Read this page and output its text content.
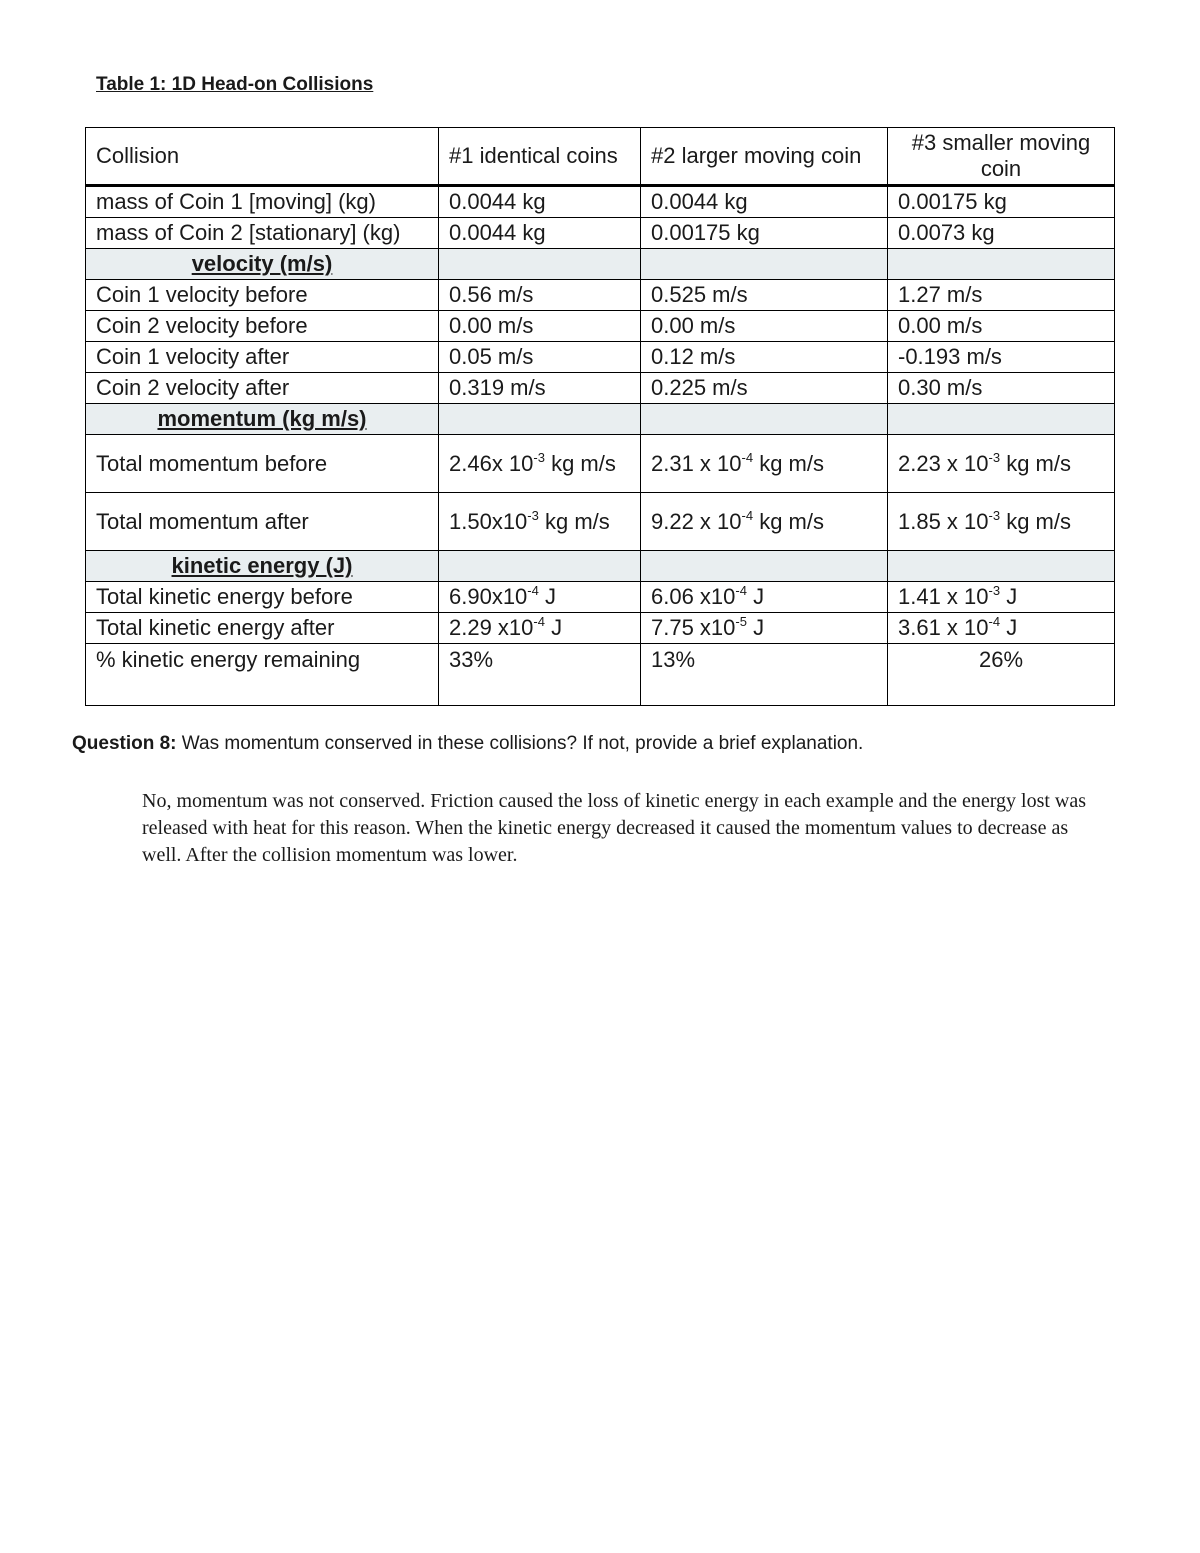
Table 1: 1D Head-on Collisions
Collision	#1 identical coins	#2 larger moving coin	#3 smaller moving coin
mass of Coin 1 [moving] (kg)	0.0044 kg	0.0044 kg	0.00175 kg
mass of Coin 2 [stationary] (kg)	0.0044 kg	0.00175 kg	0.0073 kg
velocity (m/s)			
Coin 1 velocity before	0.56 m/s	0.525 m/s	1.27 m/s
Coin 2 velocity before	0.00 m/s	0.00 m/s	0.00 m/s
Coin 1 velocity after	0.05 m/s	0.12 m/s	-0.193 m/s
Coin 2 velocity after	0.319 m/s	0.225 m/s	0.30 m/s
momentum (kg m/s)			
Total momentum before	2.46x $10^{-3}$ kg m/s	2.31 x $10^{-4}$ kg m/s	2.23 x $10^{-3}$ kg m/s
Total momentum after	$1.50x10^{-3}$ kg m/s	9.22 x $10^{-4}$ kg m/s	1.85 x $10^{-3}$ kg m/s
kinetic energy (J)			
Total kinetic energy before	$6.90x10^{-4}$ J	6.06 $x10^{-4}$ J	1.41 x $10^{-3}$ J
Total kinetic energy after	2.29 $x10^{-4}$ J	7.75 $x10^{-5}$ J	3.61 x $10^{-4}$ J
% kinetic energy remaining	33%	13%	26%
Question 8: Was momentum conserved in these collisions? If not, provide a brief explanation.
No, momentum was not conserved. Friction caused the loss of kinetic energy in each example and the energy lost was released with heat for this reason. When the kinetic energy decreased it caused the momentum values to decrease as well. After the collision momentum was lower.
